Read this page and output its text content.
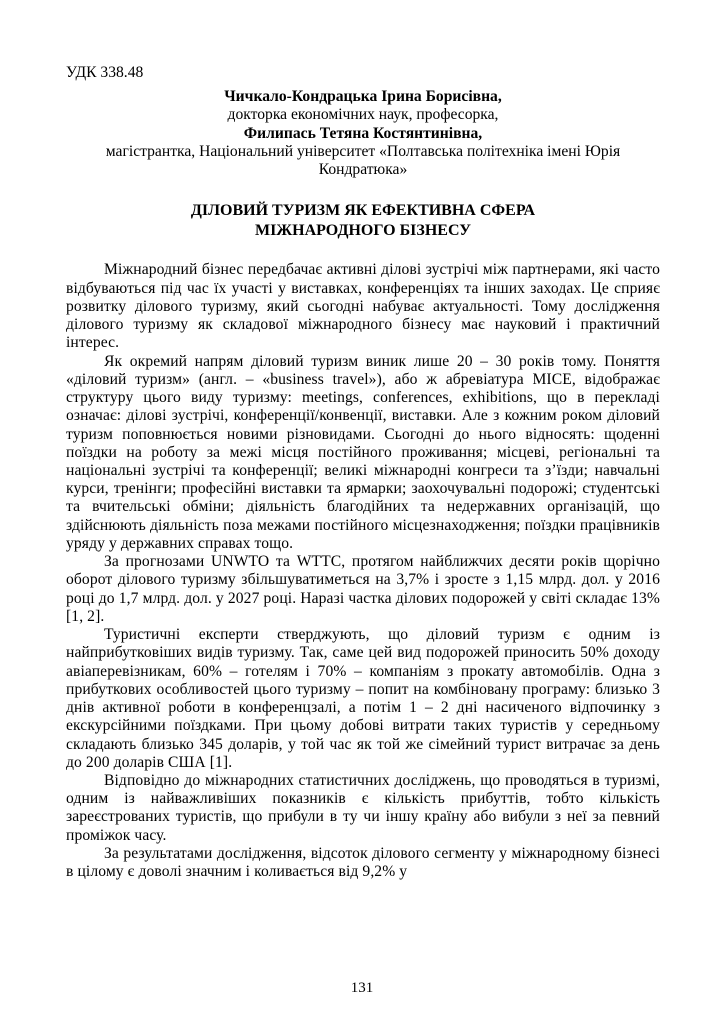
УДК 338.48
Чичкало-Кондрацька Ірина Борисівна,
докторка економічних наук, професорка,
Филипась Тетяна Костянтинівна,
магістрантка, Національний університет «Полтавська політехніка імені Юрія Кондратюка»
ДІЛОВИЙ ТУРИЗМ ЯК ЕФЕКТИВНА СФЕРА МІЖНАРОДНОГО БІЗНЕСУ

Міжнародний бізнес передбачає активні ділові зустрічі між партнерами, які часто відбуваються під час їх участі у виставках, конференціях та інших заходах. Це сприяє розвитку ділового туризму, який сьогодні набуває актуальності. Тому дослідження ділового туризму як складової міжнародного бізнесу має науковий і практичний інтерес.

Як окремий напрям діловий туризм виник лише 20 – 30 років тому. Поняття «діловий туризм» (англ. – «business travel»), або ж абревіатура MICE, відображає структуру цього виду туризму: meetings, conferences, exhibitions, що в перекладі означає: ділові зустрічі, конференції/конвенції, виставки. Але з кожним роком діловий туризм поповнюється новими різновидами. Сьогодні до нього відносять: щоденні поїздки на роботу за межі місця постійного проживання; місцеві, регіональні та національні зустрічі та конференції; великі міжнародні конгреси та з’їзди; навчальні курси, тренінги; професійні виставки та ярмарки; заохочувальні подорожі; студентські та вчительські обміни; діяльність благодійних та недержавних організацій, що здійснюють діяльність поза межами постійного місцезнаходження; поїздки працівників уряду у державних справах тощо.

За прогнозами UNWTO та WTTC, протягом найближчих десяти років щорічно оборот ділового туризму збільшуватиметься на 3,7% і зросте з 1,15 млрд. дол. у 2016 році до 1,7 млрд. дол. у 2027 році. Наразі частка ділових подорожей у світі складає 13% [1, 2].

Туристичні експерти стверджують, що діловий туризм є одним із найприбутковіших видів туризму. Так, саме цей вид подорожей приносить 50% доходу авіаперевізникам, 60% – готелям і 70% – компаніям з прокату автомобілів. Одна з прибуткових особливостей цього туризму – попит на комбіновану програму: близько 3 днів активної роботи в конференцзалі, а потім 1 – 2 дні насиченого відпочинку з екскурсійними поїздками. При цьому добові витрати таких туристів у середньому складають близько 345 доларів, у той час як той же сімейний турист витрачає за день до 200 доларів США [1].

Відповідно до міжнародних статистичних досліджень, що проводяться в туризмі, одним із найважливіших показників є кількість прибуттів, тобто кількість зареєстрованих туристів, що прибули в ту чи іншу країну або вибули з неї за певний проміжок часу.

За результатами дослідження, відсоток ділового сегменту у міжнародному бізнесі в цілому є доволі значним і коливається від 9,2% у

131
